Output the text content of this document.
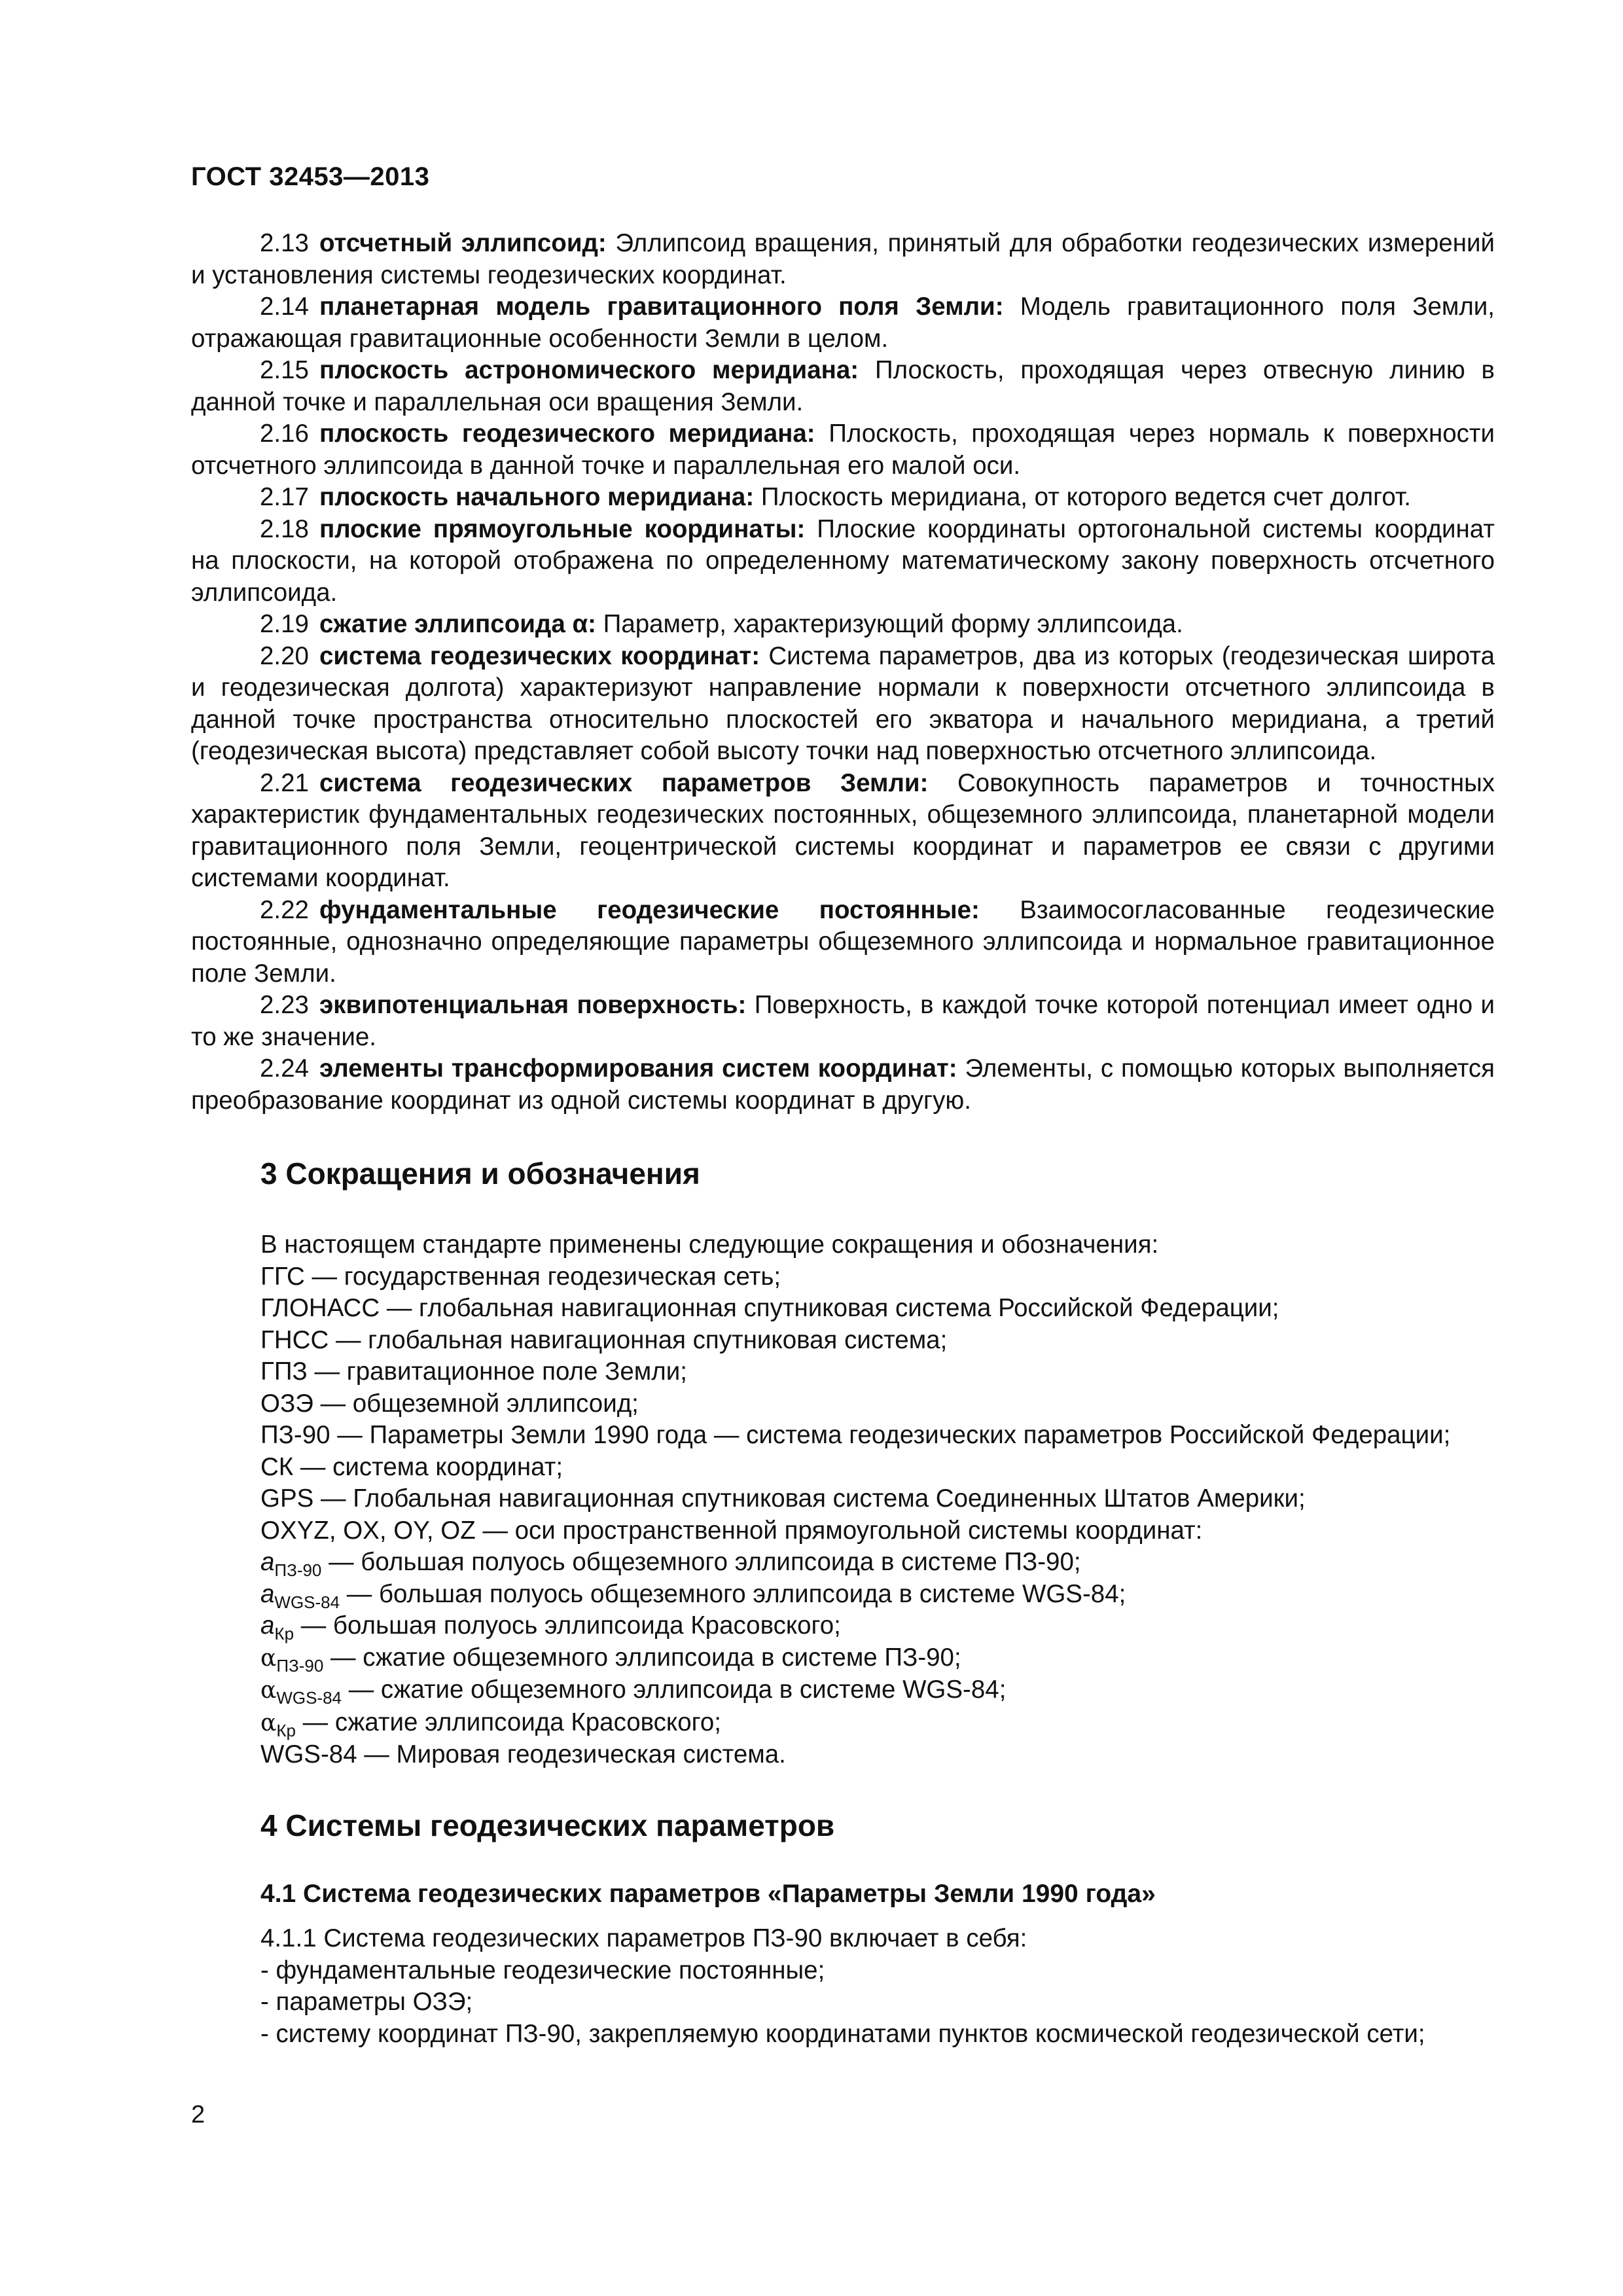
ГОСТ 32453—2013

2.13 отсчетный эллипсоид: Эллипсоид вращения, принятый для обработки геодезических измерений и установления системы геодезических координат.

2.14 планетарная модель гравитационного поля Земли: Модель гравитационного поля Земли, отражающая гравитационные особенности Земли в целом.

2.15 плоскость астрономического меридиана: Плоскость, проходящая через отвесную линию в данной точке и параллельная оси вращения Земли.

2.16 плоскость геодезического меридиана: Плоскость, проходящая через нормаль к поверхности отсчетного эллипсоида в данной точке и параллельная его малой оси.

2.17 плоскость начального меридиана: Плоскость меридиана, от которого ведется счет долгот.

2.18 плоские прямоугольные координаты: Плоские координаты ортогональной системы координат на плоскости, на которой отображена по определенному математическому закону поверхность отсчетного эллипсоида.

2.19 сжатие эллипсоида α: Параметр, характеризующий форму эллипсоида.

2.20 система геодезических координат: Система параметров, два из которых (геодезическая широта и геодезическая долгота) характеризуют направление нормали к поверхности отсчетного эллипсоида в данной точке пространства относительно плоскостей его экватора и начального меридиана, а третий (геодезическая высота) представляет собой высоту точки над поверхностью отсчетного эллипсоида.

2.21 система геодезических параметров Земли: Совокупность параметров и точностных характеристик фундаментальных геодезических постоянных, общеземного эллипсоида, планетарной модели гравитационного поля Земли, геоцентрической системы координат и параметров ее связи с другими системами координат.

2.22 фундаментальные геодезические постоянные: Взаимосогласованные геодезические постоянные, однозначно определяющие параметры общеземного эллипсоида и нормальное гравитационное поле Земли.

2.23 эквипотенциальная поверхность: Поверхность, в каждой точке которой потенциал имеет одно и то же значение.

2.24 элементы трансформирования систем координат: Элементы, с помощью которых выполняется преобразование координат из одной системы координат в другую.

3 Сокращения и обозначения

В настоящем стандарте применены следующие сокращения и обозначения:

ГГС — государственная геодезическая сеть;

ГЛОНАСС — глобальная навигационная спутниковая система Российской Федерации;

ГНСС — глобальная навигационная спутниковая система;

ГПЗ — гравитационное поле Земли;

ОЗЭ — общеземной эллипсоид;

ПЗ-90 — Параметры Земли 1990 года — система геодезических параметров Российской Федерации;

СК — система координат;

GPS — Глобальная навигационная спутниковая система Соединенных Штатов Америки;

OXYZ, OX, OY, OZ — оси пространственной прямоугольной системы координат:

$a_{ПЗ-90}$ — большая полуось общеземного эллипсоида в системе ПЗ-90;

$a_{WGS-84}$ — большая полуось общеземного эллипсоида в системе WGS-84;

$a_{Кр}$ — большая полуось эллипсоида Красовского;

$\alpha_{ПЗ-90}$ — сжатие общеземного эллипсоида в системе ПЗ-90;

$\alpha_{WGS-84}$ — сжатие общеземного эллипсоида в системе WGS-84;

$\alpha_{Кр}$ — сжатие эллипсоида Красовского;

WGS-84 — Мировая геодезическая система.

4 Системы геодезических параметров
4.1 Система геодезических параметров «Параметры Земли 1990 года»

4.1.1 Система геодезических параметров ПЗ-90 включает в себя:

- фундаментальные геодезические постоянные;

- параметры ОЗЭ;

- систему координат ПЗ-90, закрепляемую координатами пунктов космической геодезической сети;

2
